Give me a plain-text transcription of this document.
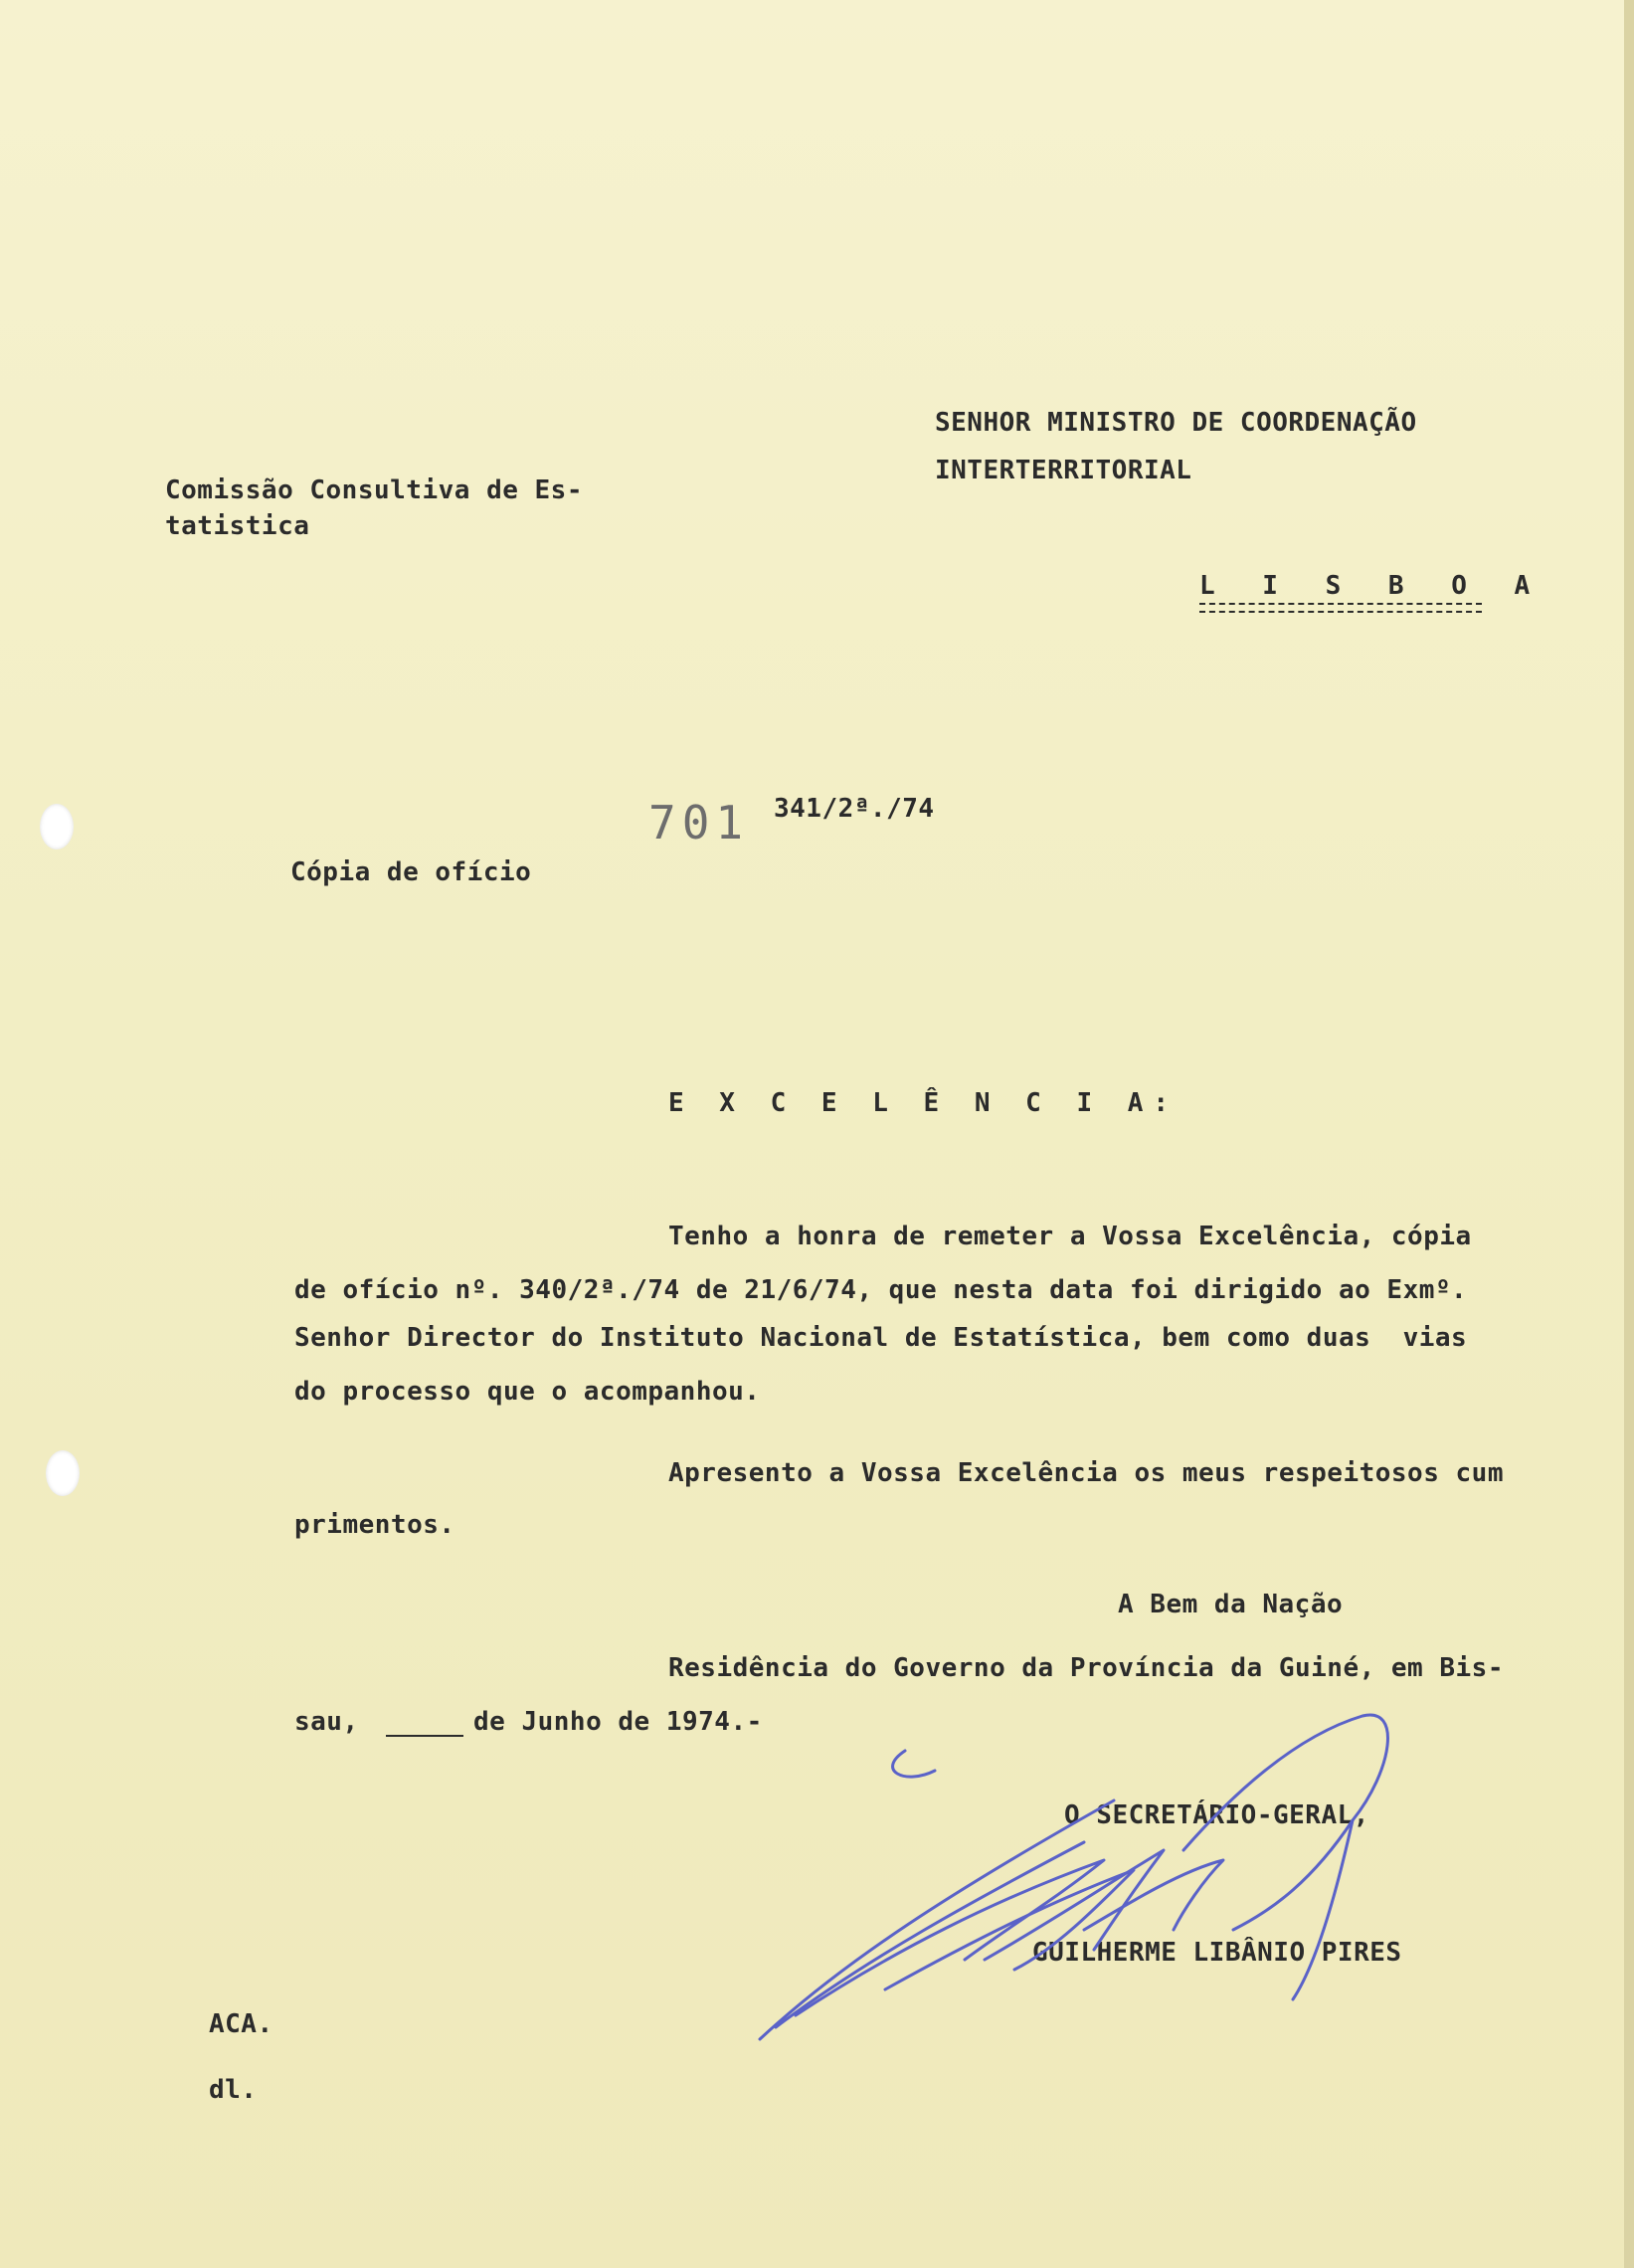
SENHOR MINISTRO DE COORDENAÇÃO
INTERTERRITORIAL
L I S B O A
Comissão Consultiva de Es-
tatistica
701 341/2ª./74
Cópia de ofício
E X C E L Ê N C I A:
Tenho a honra de remeter a Vossa Excelência, cópia
de ofício nº. 340/2ª./74 de 21/6/74, que nesta data foi dirigido ao Exmº.
Senhor Director do Instituto Nacional de Estatística, bem como duas  vias
do processo que o acompanhou.
Apresento a Vossa Excelência os meus respeitosos cum
primentos.
A Bem da Nação
Residência do Governo da Província da Guiné, em Bis-
sau,	de Junho de 1974.-
O SECRETÁRIO-GERAL,
GUILHERME LIBÂNIO PIRES
ACA.
dl.
